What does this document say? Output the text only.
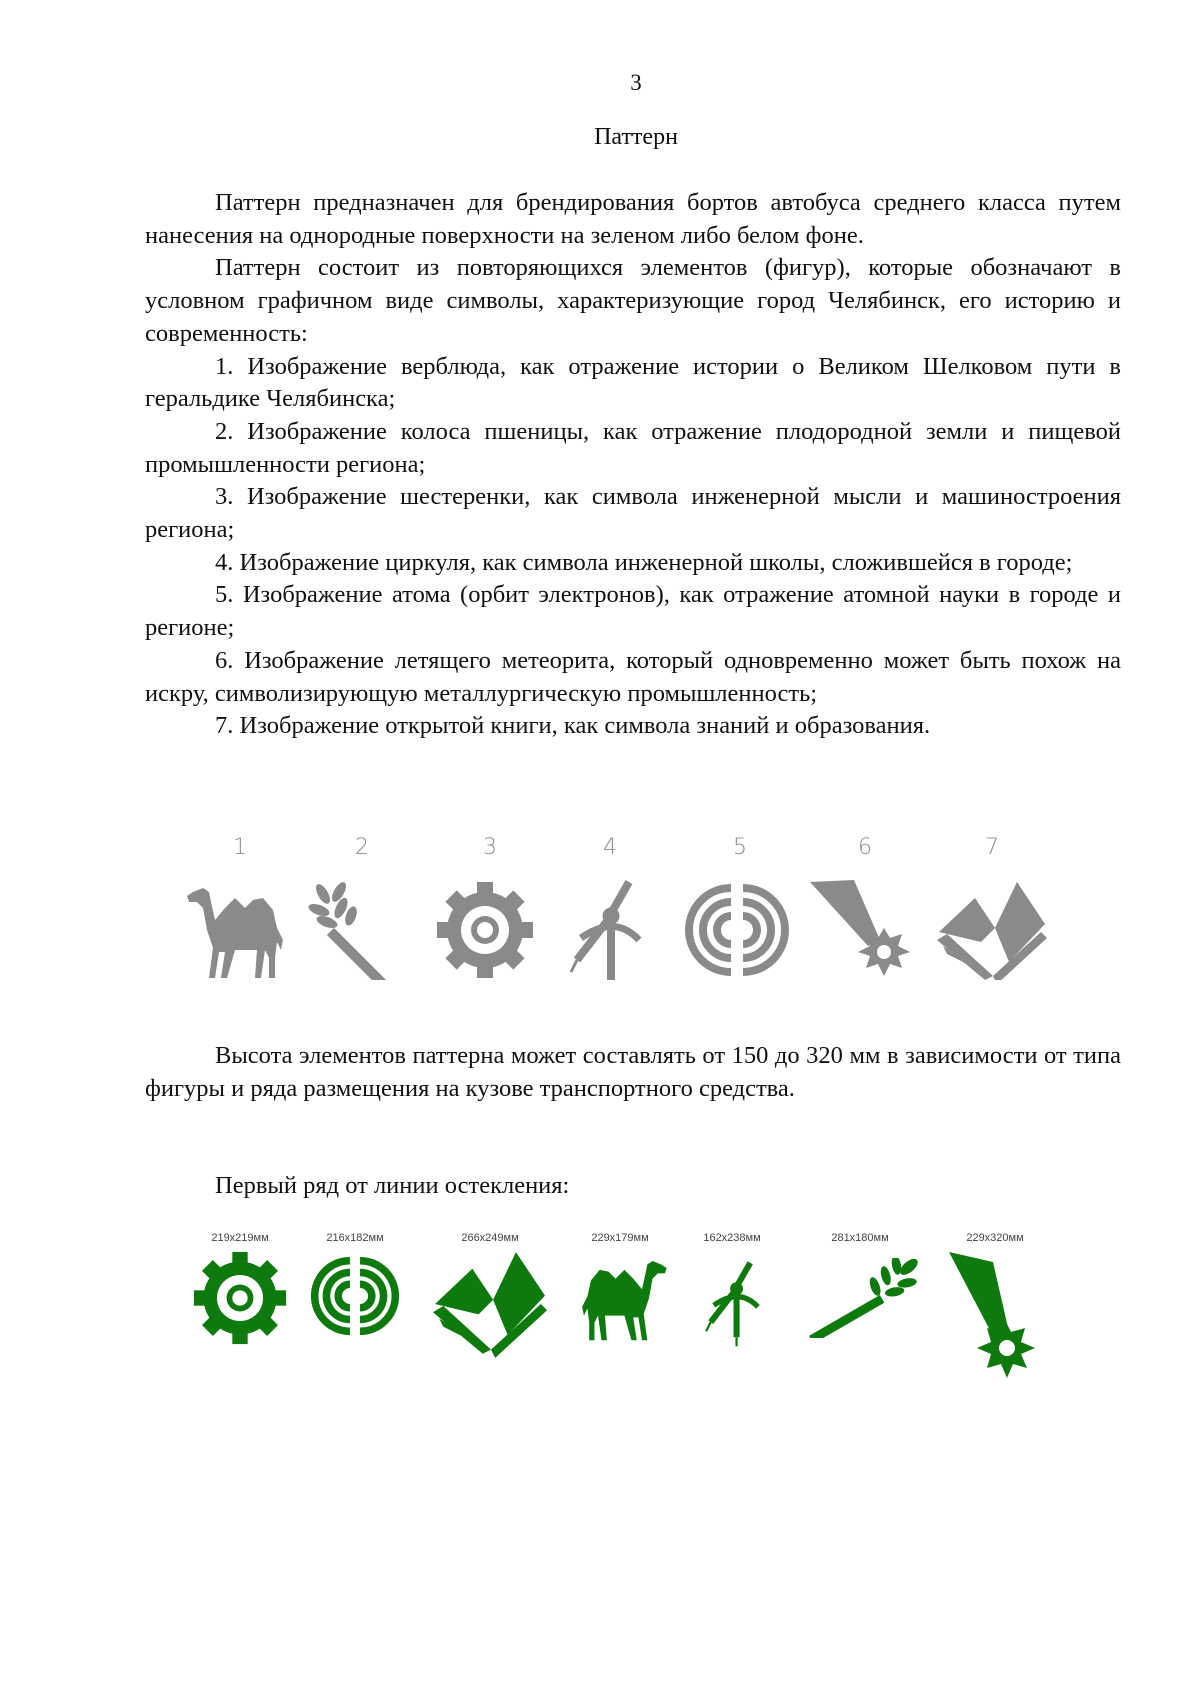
3
Паттерн

Паттерн предназначен для брендирования бортов автобуса среднего класса путем нанесения на однородные поверхности на зеленом либо белом фоне.

Паттерн состоит из повторяющихся элементов (фигур), которые обозначают в условном графичном виде символы, характеризующие город Челябинск, его историю и современность:

1. Изображение верблюда, как отражение истории о Великом Шелковом пути в геральдике Челябинска;

2. Изображение колоса пшеницы, как отражение плодородной земли и пищевой промышленности региона;

3. Изображение шестеренки, как символа инженерной мысли и машиностроения региона;

4. Изображение циркуля, как символа инженерной школы, сложившейся в городе;

5. Изображение атома (орбит электронов), как отражение атомной науки в городе и регионе;

6. Изображение летящего метеорита, который одновременно может быть похож на искру, символизирующую металлургическую промышленность;

7. Изображение открытой книги, как символа знаний и образования.

1	2	3	4	5	6	7

Высота элементов паттерна может составлять от 150 до 320 мм в зависимости от типа фигуры и ряда размещения на кузове транспортного средства.

Первый ряд от линии остекления:
219x219мм	216x182мм	266x249мм	229x179мм	162x238мм	281x180мм	229x320мм
